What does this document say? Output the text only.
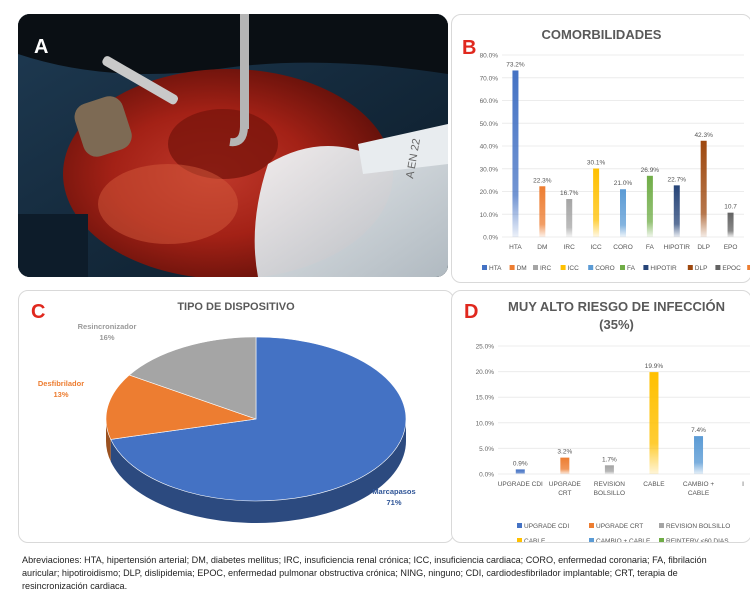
A EN 22
A	B
COMORBILIDADES
0.0%
10.0%
20.0%
30.0%
40.0%
50.0%
60.0%
70.0%
80.0%
73.2%
HTA
22.3%
DM
16.7%
IRC
30.1%
ICC
21.0%
CORO
26.9%
FA
22.7%
HIPOTIR
42.3%
DLP
10.7
EPO
HTA DM IRC	ICC	CORO FA HIPOTIR	DLP EPOC
C	TIPO DE DISPOSITIVO
Marcapasos
71%
Desfibrilador
13%
Resincronizador
16%
D	MUY ALTO RIESGO DE INFECCIÓN
(35%)
0.0%
5.0%
10.0%
15.0%
20.0%
25.0%
0.9%
UPGRADE CDI
3.2%
UPGRADE
CRT
1.7%
REVISION
BOLSILLO
19.9%
CABLE
7.4%
CAMBIO +
CABLE
I
UPGRADE CDI	UPGRADE CRT	REVISION BOLSILLO
CABLE	CAMBIO + CABLE REINTERV <60 DIAS
Abreviaciones: HTA, hipertensión arterial; DM, diabetes mellitus; IRC, insuficiencia renal crónica; ICC, insuficiencia cardiaca; CORO, enfermedad coronaria; FA, fibrilación auricular; hipotiroidismo; DLP, dislipidemia; EPOC, enfermedad pulmonar obstructiva crónica; NING, ninguno; CDI, cardiodesfibrilador implantable; CRT, terapia de resincronización cardiaca.
